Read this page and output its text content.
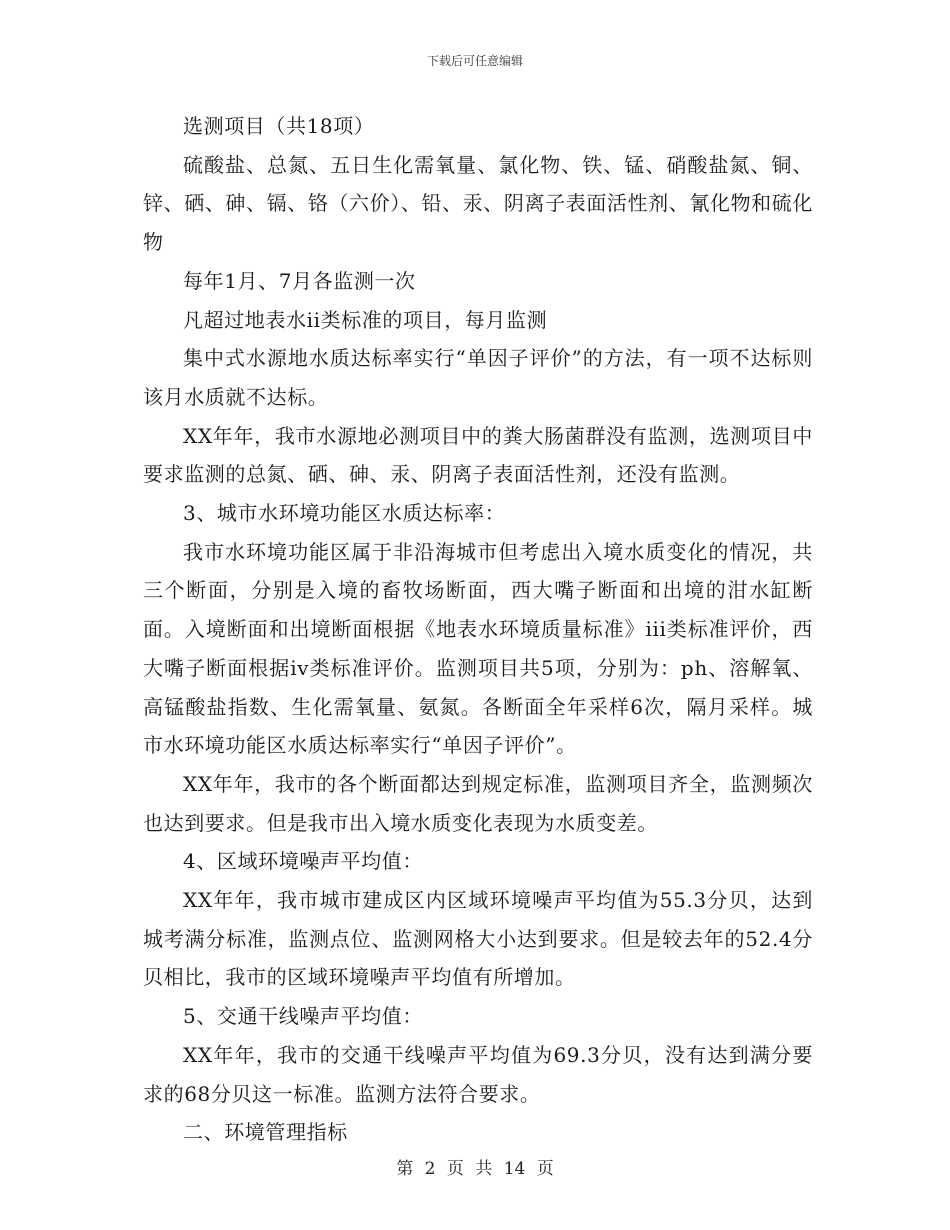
下载后可任意编辑

选测项目（共18项）

硫酸盐、总氮、五日生化需氧量、氯化物、铁、锰、硝酸盐氮、铜、锌、硒、砷、镉、铬（六价）、铅、汞、阴离子表面活性剂、氰化物和硫化物

每年1月、7月各监测一次

凡超过地表水ii类标准的项目，每月监测

集中式水源地水质达标率实行“单因子评价”的方法，有一项不达标则该月水质就不达标。

XX年年，我市水源地必测项目中的粪大肠菌群没有监测，选测项目中要求监测的总氮、硒、砷、汞、阴离子表面活性剂，还没有监测。

3、城市水环境功能区水质达标率：

我市水环境功能区属于非沿海城市但考虑出入境水质变化的情况，共三个断面，分别是入境的畜牧场断面，西大嘴子断面和出境的泔水缸断面。入境断面和出境断面根据《地表水环境质量标准》iii类标准评价，西大嘴子断面根据iv类标准评价。监测项目共5项，分别为：ph、溶解氧、高锰酸盐指数、生化需氧量、氨氮。各断面全年采样6次，隔月采样。城市水环境功能区水质达标率实行“单因子评价”。

XX年年，我市的各个断面都达到规定标准，监测项目齐全，监测频次也达到要求。但是我市出入境水质变化表现为水质变差。

4、区域环境噪声平均值：

XX年年，我市城市建成区内区域环境噪声平均值为55.3分贝，达到城考满分标准，监测点位、监测网格大小达到要求。但是较去年的52.4分贝相比，我市的区域环境噪声平均值有所增加。

5、交通干线噪声平均值：

XX年年，我市的交通干线噪声平均值为69.3分贝，没有达到满分要求的68分贝这一标准。监测方法符合要求。

二、环境管理指标

第 2 页 共 14 页
